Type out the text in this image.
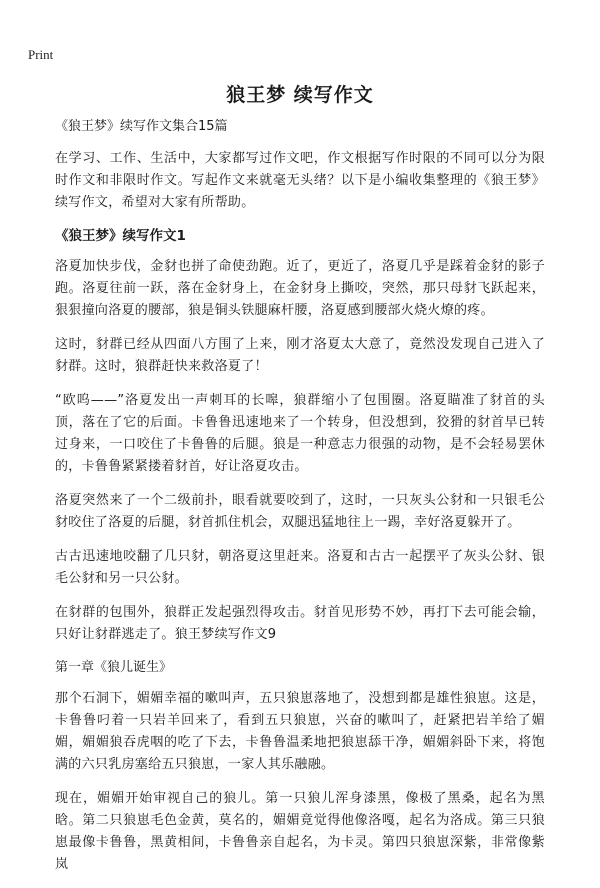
Print
狼王梦 续写作文

《狼王梦》续写作文集合15篇

在学习、工作、生活中，大家都写过作文吧，作文根据写作时限的不同可以分为限时作文和非限时作文。写起作文来就毫无头绪？以下是小编收集整理的《狼王梦》续写作文，希望对大家有所帮助。

《狼王梦》续写作文1

洛夏加快步伐，金豺也拼了命使劲跑。近了，更近了，洛夏几乎是踩着金豺的影子跑。洛夏往前一跃，落在金豺身上，在金豺身上撕咬，突然，那只母豺飞跃起来，狠狠撞向洛夏的腰部，狼是铜头铁腿麻杆腰，洛夏感到腰部火烧火燎的疼。

这时，豺群已经从四面八方围了上来，刚才洛夏太大意了，竟然没发现自己进入了豺群。这时，狼群赶快来救洛夏了！

“欧呜——”洛夏发出一声刺耳的长嗥，狼群缩小了包围圈。洛夏瞄准了豺首的头顶，落在了它的后面。卡鲁鲁迅速地来了一个转身，但没想到，狡猾的豺首早已转过身来，一口咬住了卡鲁鲁的后腿。狼是一种意志力很强的动物，是不会轻易罢休的，卡鲁鲁紧紧搂着豺首，好让洛夏攻击。

洛夏突然来了一个二级前扑，眼看就要咬到了，这时，一只灰头公豺和一只银毛公豺咬住了洛夏的后腿，豺首抓住机会，双腿迅猛地往上一踢，幸好洛夏躲开了。

古古迅速地咬翻了几只豺，朝洛夏这里赶来。洛夏和古古一起摆平了灰头公豺、银毛公豺和另一只公豺。

在豺群的包围外，狼群正发起强烈得攻击。豺首见形势不妙，再打下去可能会输，只好让豺群逃走了。狼王梦续写作文9

第一章《狼儿诞生》

那个石洞下，媚媚幸福的嗽叫声，五只狼崽落地了，没想到都是雄性狼崽。这是，卡鲁鲁叼着一只岩羊回来了，看到五只狼崽，兴奋的嗽叫了，赶紧把岩羊给了媚媚，媚媚狼吞虎咽的吃了下去，卡鲁鲁温柔地把狼崽舔干净，媚媚斜卧下来，将饱满的六只乳房塞给五只狼崽，一家人其乐融融。

现在，媚媚开始审视自己的狼儿。第一只狼儿浑身漆黑，像极了黑桑，起名为黑晗。第二只狼崽毛色金黄，莫名的，媚媚竟觉得他像洛嘎，起名为洛成。第三只狼崽最像卡鲁鲁，黑黄相间，卡鲁鲁亲自起名，为卡灵。第四只狼崽深紫，非常像紫岚
